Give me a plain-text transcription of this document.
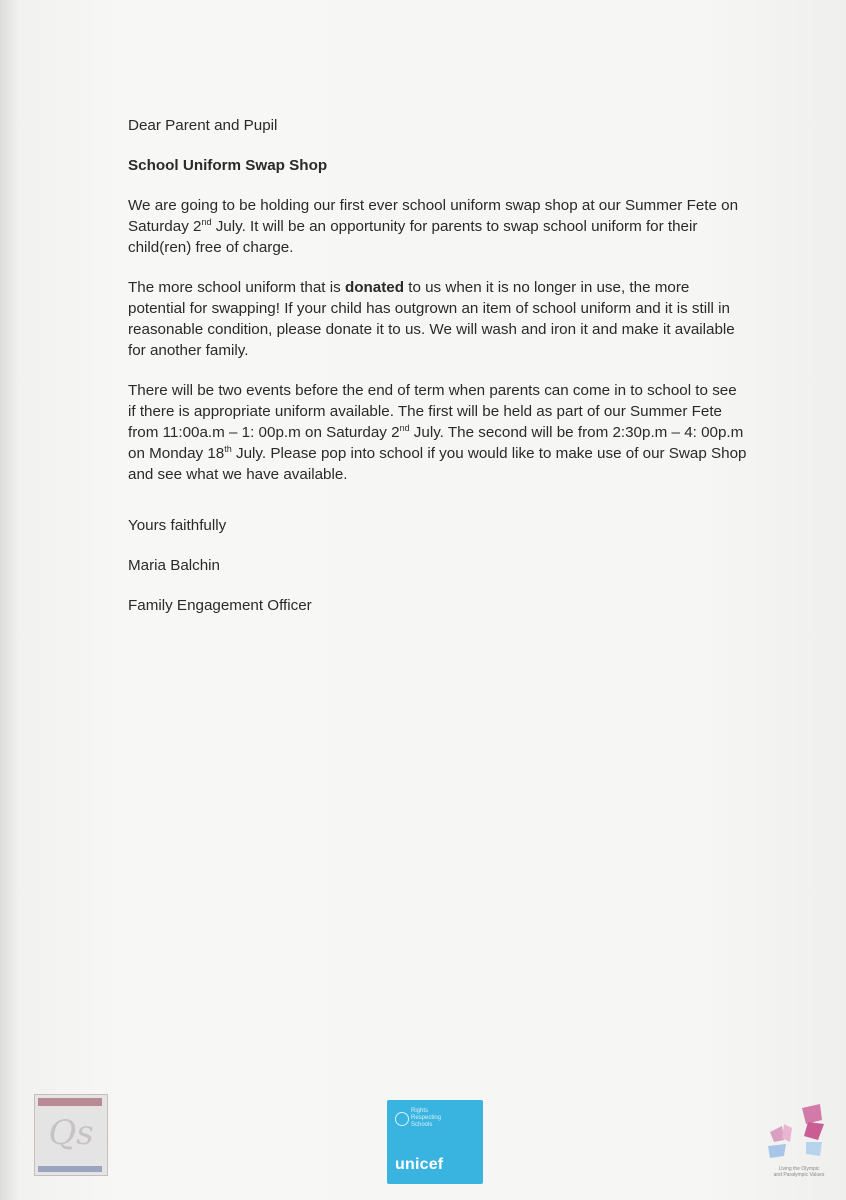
Dear Parent and Pupil

School Uniform Swap Shop

We are going to be holding our first ever school uniform swap shop at our Summer Fete on Saturday 2nd July. It will be an opportunity for parents to swap school uniform for their child(ren) free of charge.

The more school uniform that is donated to us when it is no longer in use, the more potential for swapping! If your child has outgrown an item of school uniform and it is still in reasonable condition, please donate it to us. We will wash and iron it and make it available for another family.

There will be two events before the end of term when parents can come in to school to see if there is appropriate uniform available. The first will be held as part of our Summer Fete from 11:00a.m – 1: 00p.m on Saturday 2nd July. The second will be from 2:30p.m – 4: 00p.m on Monday 18th July. Please pop into school if you would like to make use of our Swap Shop and see what we have available.

Yours faithfully

Maria Balchin

Family Engagement Officer

Qs
Rights
Respecting
Schools
unicef	Living the Olympic
and Paralympic Values
